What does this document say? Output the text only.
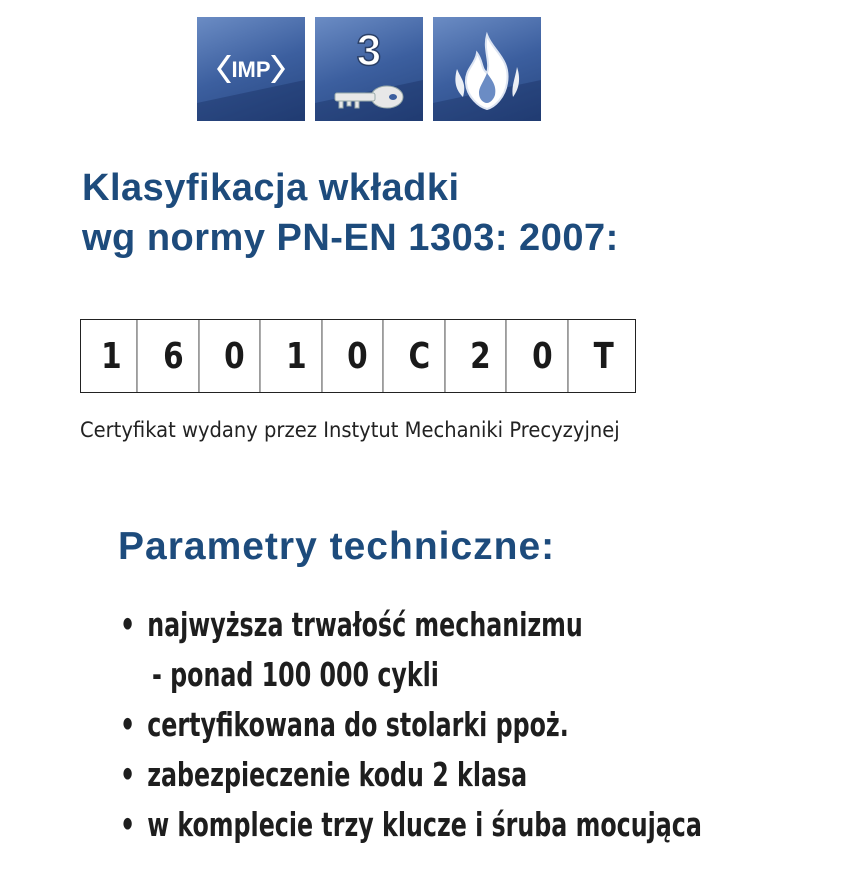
IMP 3
Klasyfikacja wkładki
wg normy PN-EN 1303: 2007:
1	6	0	1	0	C	2	0	T
Certyfikat wydany przez Instytut Mechaniki Precyzyjnej
Parametry techniczne:
• najwyższa trwałość mechanizmu
- ponad 100 000 cykli
• certyfikowana do stolarki ppoż.
• zabezpieczenie kodu 2 klasa
• w komplecie trzy klucze i śruba mocująca
